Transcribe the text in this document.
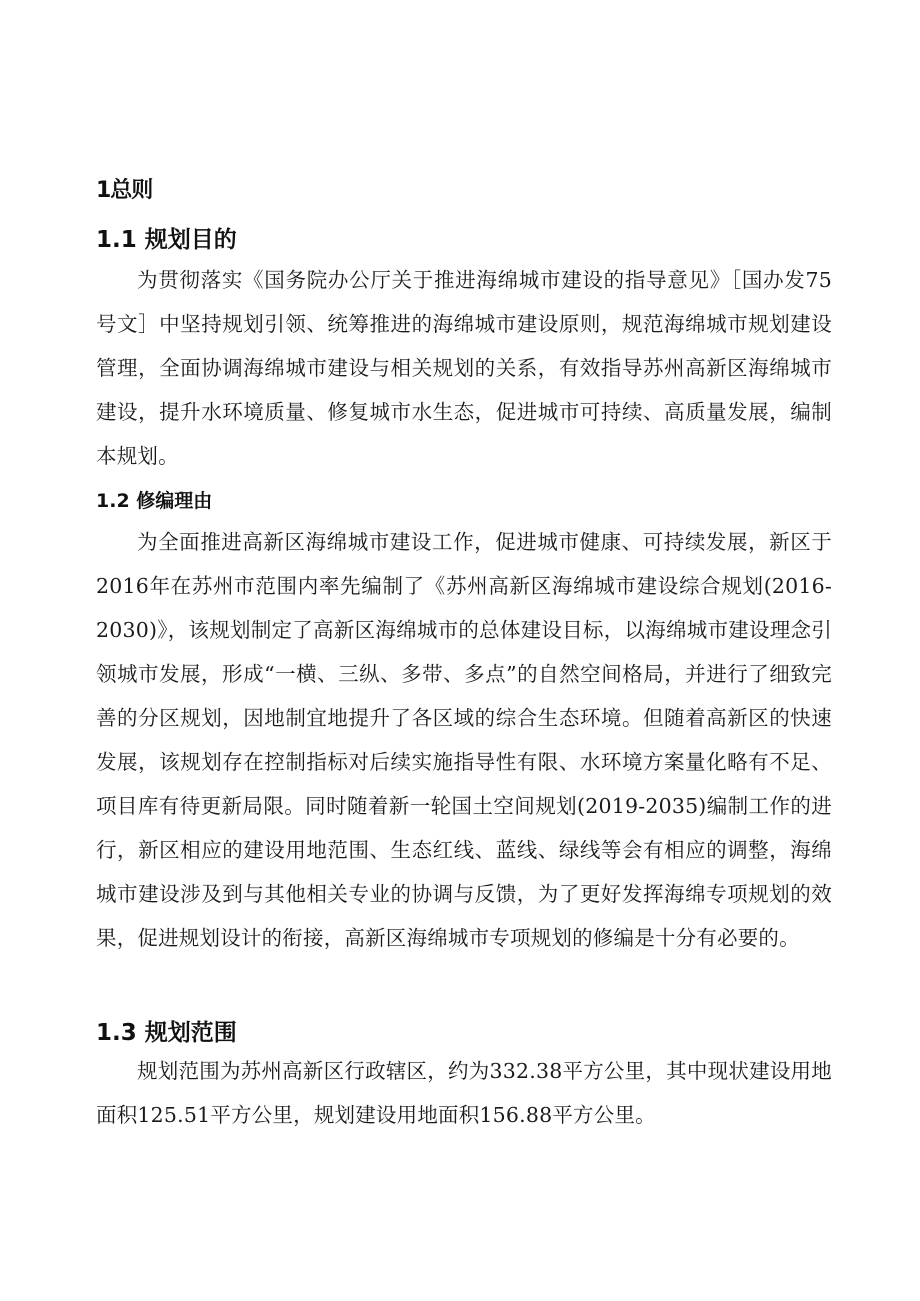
1总则
1.1 规划目的

为贯彻落实《国务院办公厅关于推进海绵城市建设的指导意见》［国办发75号文］中坚持规划引领、统筹推进的海绵城市建设原则，规范海绵城市规划建设管理，全面协调海绵城市建设与相关规划的关系，有效指导苏州高新区海绵城市建设，提升水环境质量、修复城市水生态，促进城市可持续、高质量发展，编制本规划。

1.2 修编理由

为全面推进高新区海绵城市建设工作，促进城市健康、可持续发展，新区于2016年在苏州市范围内率先编制了《苏州高新区海绵城市建设综合规划(2016-2030)》，该规划制定了高新区海绵城市的总体建设目标，以海绵城市建设理念引领城市发展，形成“一横、三纵、多带、多点”的自然空间格局，并进行了细致完善的分区规划，因地制宜地提升了各区域的综合生态环境。但随着高新区的快速发展，该规划存在控制指标对后续实施指导性有限、水环境方案量化略有不足、项目库有待更新局限。同时随着新一轮国土空间规划(2019-2035)编制工作的进行，新区相应的建设用地范围、生态红线、蓝线、绿线等会有相应的调整，海绵城市建设涉及到与其他相关专业的协调与反馈，为了更好发挥海绵专项规划的效果，促进规划设计的衔接，高新区海绵城市专项规划的修编是十分有必要的。

1.3 规划范围

规划范围为苏州高新区行政辖区，约为332.38平方公里，其中现状建设用地面积125.51平方公里，规划建设用地面积156.88平方公里。
